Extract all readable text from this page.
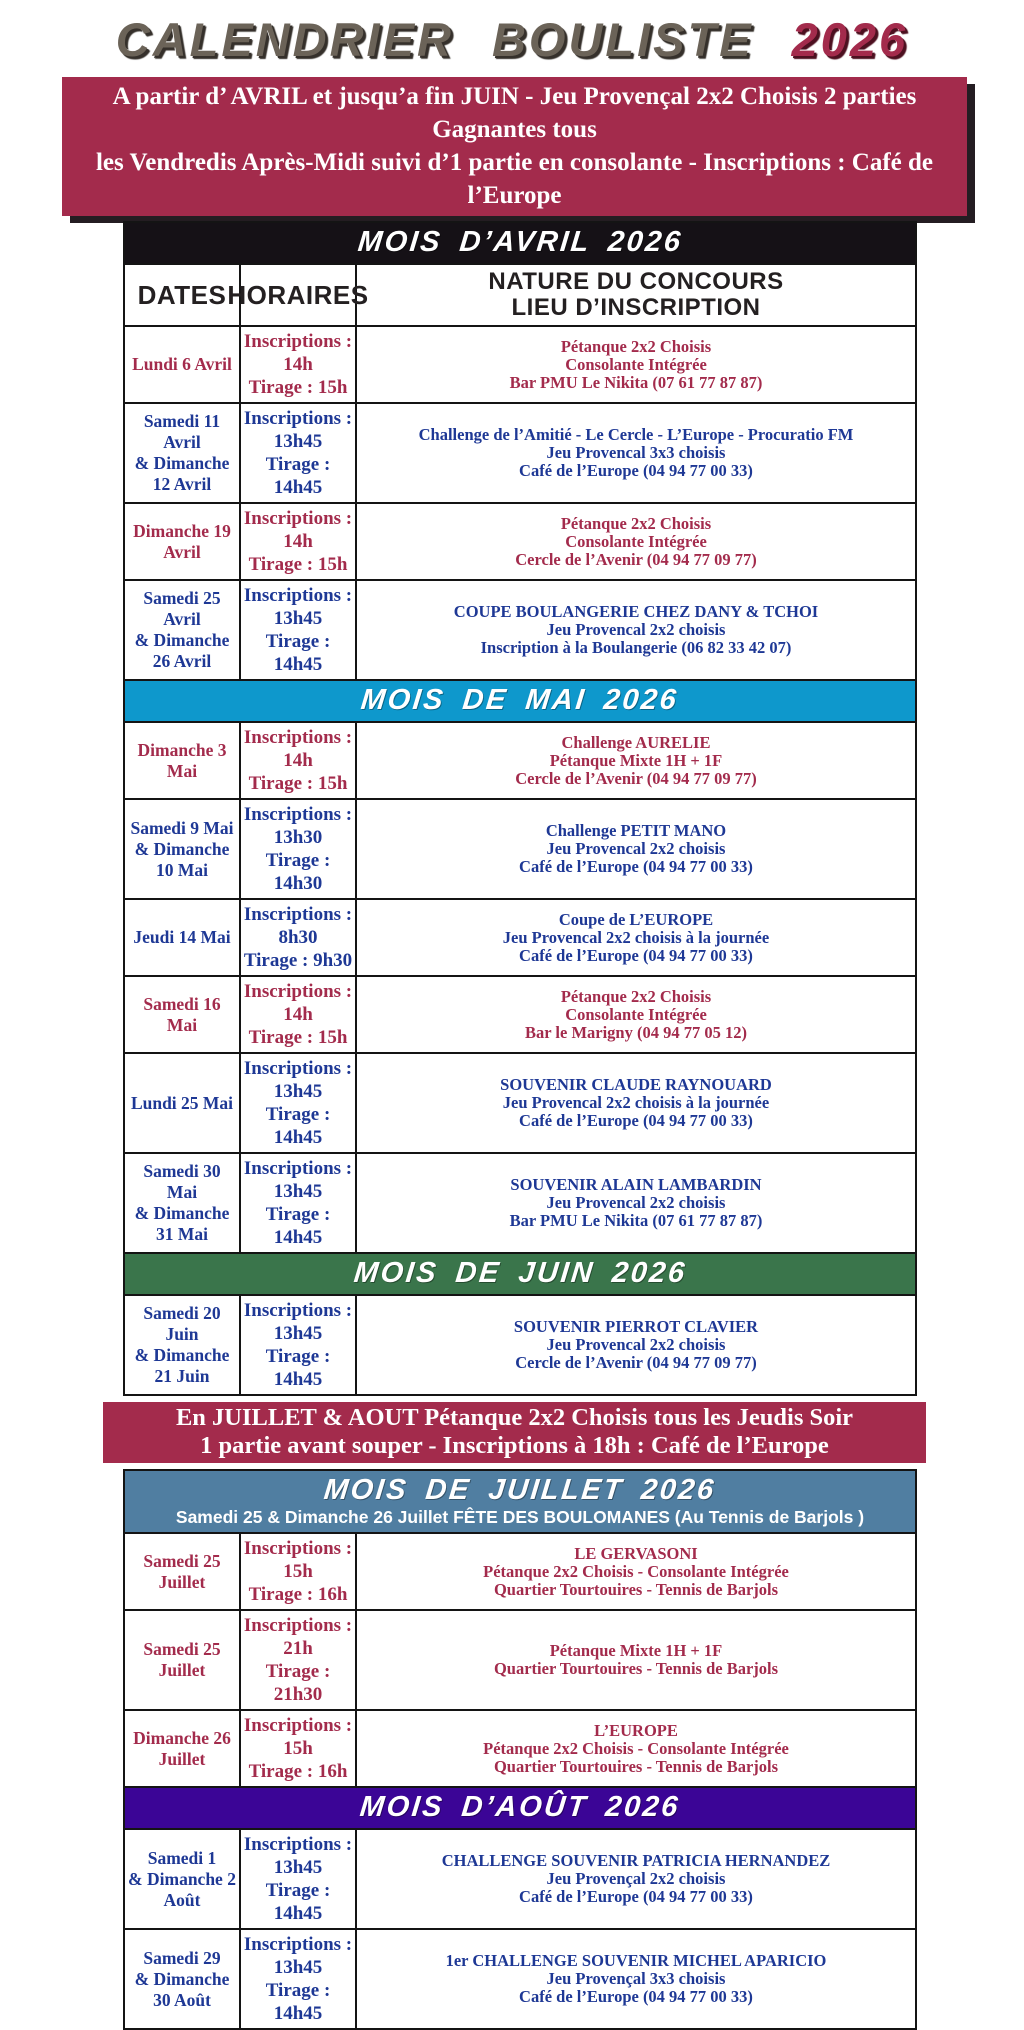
CALENDRIER BOULISTE 2026
A partir d’ AVRIL et jusqu’a fin JUIN - Jeu Provençal 2x2 Choisis 2 parties Gagnantes tous
les Vendredis Après-Midi suivi d’1 partie en consolante - Inscriptions : Café de l’Europe
MOIS D’AVRIL 2026
DATES HORAIRES	NATURE DU CONCOURS
LIEU D’INSCRIPTION
Lundi 6 Avril
Inscriptions : 14h
Tirage : 15h
Pétanque 2x2 Choisis
Consolante Intégrée
Bar PMU Le Nikita (07 61 77 87 87)
Samedi 11 Avril
& Dimanche 12 Avril
Inscriptions : 13h45
Tirage : 14h45
Challenge de l’Amitié - Le Cercle - L’Europe - Procuratio FM
Jeu Provencal 3x3 choisis
Café de l’Europe (04 94 77 00 33)
Dimanche 19 Avril
Inscriptions : 14h
Tirage : 15h
Pétanque 2x2 Choisis
Consolante Intégrée
Cercle de l’Avenir (04 94 77 09 77)
Samedi 25 Avril
& Dimanche 26 Avril
Inscriptions : 13h45
Tirage : 14h45
COUPE BOULANGERIE CHEZ DANY & TCHOI
Jeu Provencal 2x2 choisis
Inscription à la Boulangerie (06 82 33 42 07)
MOIS DE MAI 2026
Dimanche 3 Mai
Inscriptions : 14h
Tirage : 15h
Challenge AURELIE
Pétanque Mixte 1H + 1F
Cercle de l’Avenir (04 94 77 09 77)
Samedi 9 Mai
& Dimanche 10 Mai
Inscriptions : 13h30
Tirage : 14h30
Challenge PETIT MANO
Jeu Provencal 2x2 choisis
Café de l’Europe (04 94 77 00 33)
Jeudi 14 Mai
Inscriptions : 8h30
Tirage : 9h30
Coupe de L’EUROPE
Jeu Provencal 2x2 choisis à la journée
Café de l’Europe (04 94 77 00 33)
Samedi 16 Mai
Inscriptions : 14h
Tirage : 15h
Pétanque 2x2 Choisis
Consolante Intégrée
Bar le Marigny (04 94 77 05 12)
Lundi 25 Mai
Inscriptions : 13h45
Tirage : 14h45
SOUVENIR CLAUDE RAYNOUARD
Jeu Provencal 2x2 choisis à la journée
Café de l’Europe (04 94 77 00 33)
Samedi 30 Mai
& Dimanche 31 Mai
Inscriptions : 13h45
Tirage : 14h45
SOUVENIR ALAIN LAMBARDIN
Jeu Provencal 2x2 choisis
Bar PMU Le Nikita (07 61 77 87 87)
MOIS DE JUIN 2026
Samedi 20 Juin
& Dimanche 21 Juin
Inscriptions : 13h45
Tirage : 14h45
SOUVENIR PIERROT CLAVIER
Jeu Provencal 2x2 choisis
Cercle de l’Avenir (04 94 77 09 77)
En JUILLET & AOUT Pétanque 2x2 Choisis tous les Jeudis Soir
1 partie avant souper - Inscriptions à 18h : Café de l’Europe
MOIS DE JUILLET 2026
Samedi 25 & Dimanche 26 Juillet FÊTE DES BOULOMANES (Au Tennis de Barjols )
Samedi 25 Juillet
Inscriptions : 15h
Tirage : 16h
LE GERVASONI
Pétanque 2x2 Choisis - Consolante Intégrée
Quartier Tourtouires - Tennis de Barjols
Samedi 25 Juillet
Inscriptions : 21h
Tirage : 21h30
Pétanque Mixte 1H + 1F
Quartier Tourtouires - Tennis de Barjols
Dimanche 26 Juillet
Inscriptions : 15h
Tirage : 16h
L’EUROPE
Pétanque 2x2 Choisis - Consolante Intégrée
Quartier Tourtouires - Tennis de Barjols
MOIS D’AOÛT 2026
Samedi 1
& Dimanche 2 Août
Inscriptions : 13h45
Tirage : 14h45
CHALLENGE SOUVENIR PATRICIA HERNANDEZ
Jeu Provençal 2x2 choisis
Café de l’Europe (04 94 77 00 33)
Samedi 29
& Dimanche 30 Août
Inscriptions : 13h45
Tirage : 14h45
1er CHALLENGE SOUVENIR MICHEL APARICIO
Jeu Provençal 3x3 choisis
Café de l’Europe (04 94 77 00 33)
